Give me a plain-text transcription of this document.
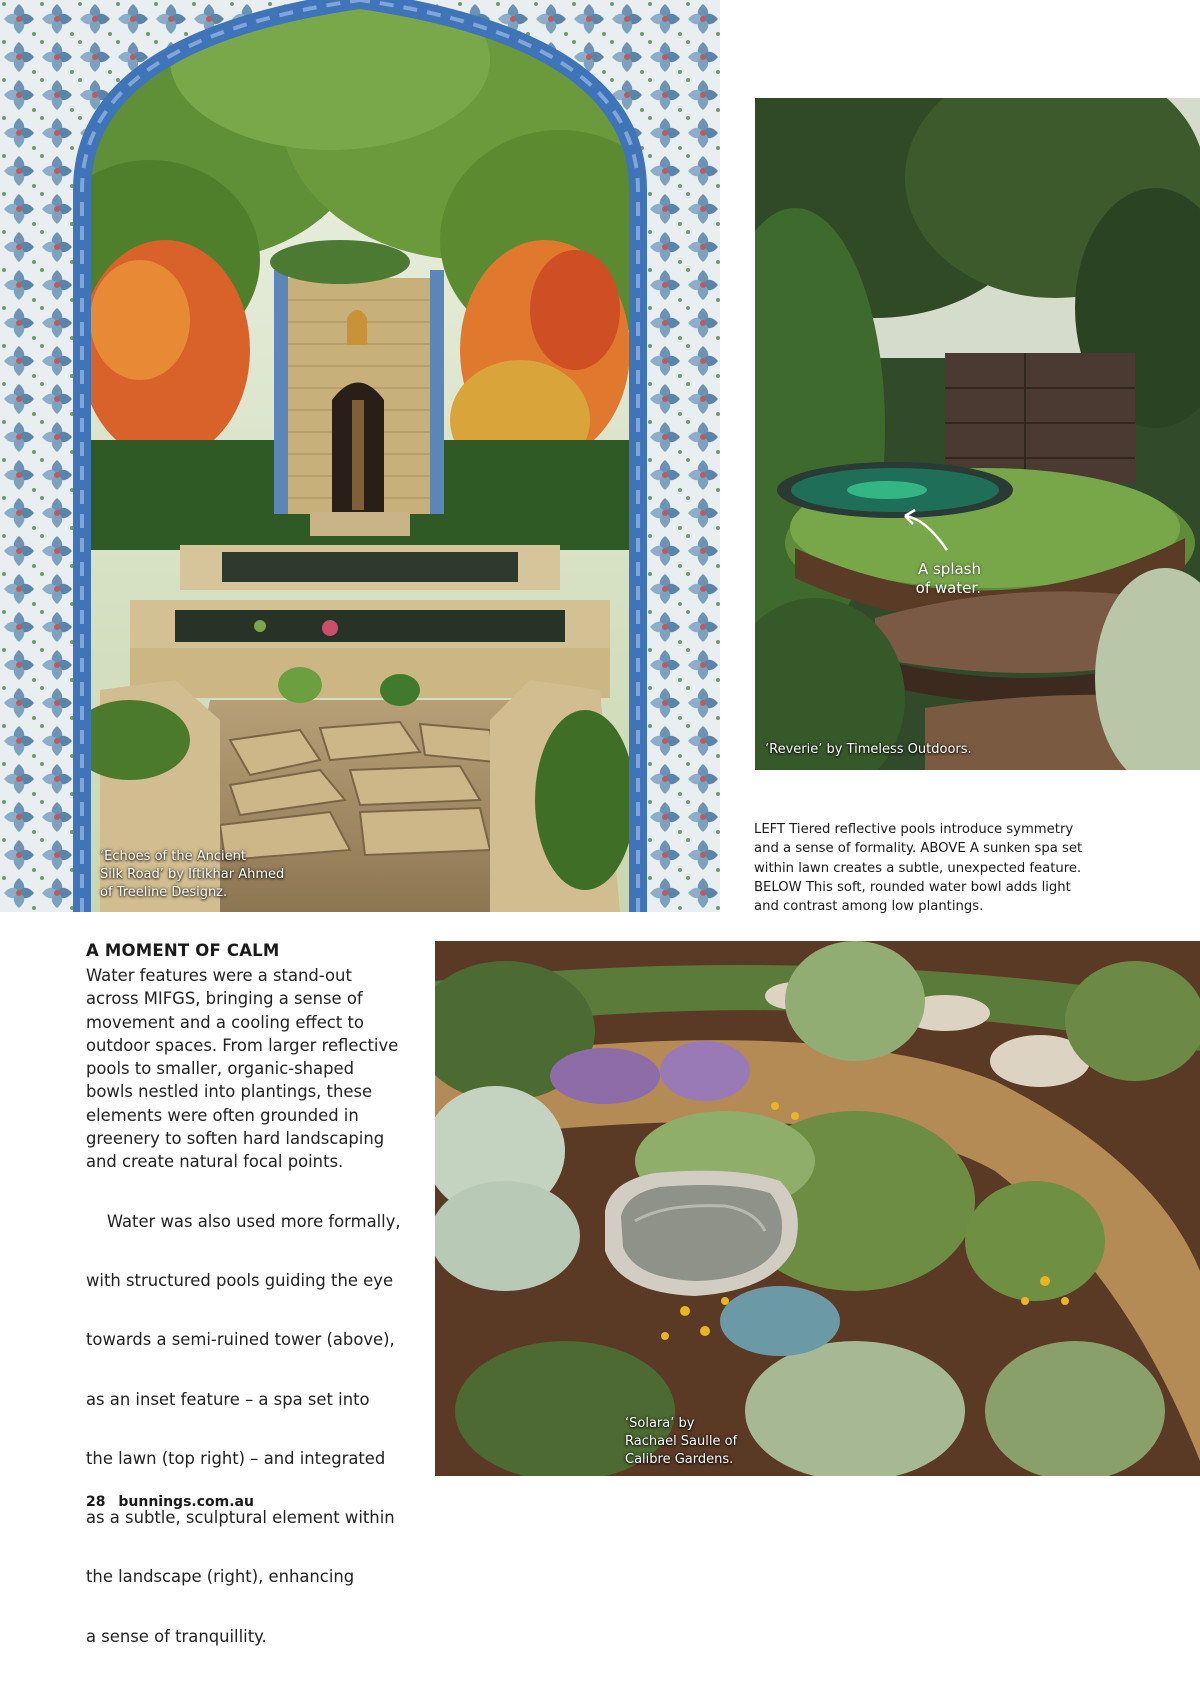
‘Echoes of the Ancient
Silk Road’ by Iftikhar Ahmed
of Treeline Designz.
A splash
of water.
‘Reverie’ by Timeless Outdoors.
LEFT Tiered reflective pools introduce symmetry
and a sense of formality. ABOVE A sunken spa set
within lawn creates a subtle, unexpected feature.
BELOW This soft, rounded water bowl adds light
and contrast among low plantings.
A MOMENT OF CALM
Water features were a stand-out
across MIFGS, bringing a sense of
movement and a cooling effect to
outdoor spaces. From larger reflective
pools to smaller, organic-shaped
bowls nestled into plantings, these
elements were often grounded in
greenery to soften hard landscaping
and create natural focal points.

Water was also used more formally,

with structured pools guiding the eye

towards a semi-ruined tower (above),

as an inset feature – a spa set into

the lawn (top right) – and integrated

as a subtle, sculptural element within

the landscape (right), enhancing

a sense of tranquillity.

‘Solara’ by
Rachael Saulle of
Calibre Gardens.
28 bunnings.com.au
